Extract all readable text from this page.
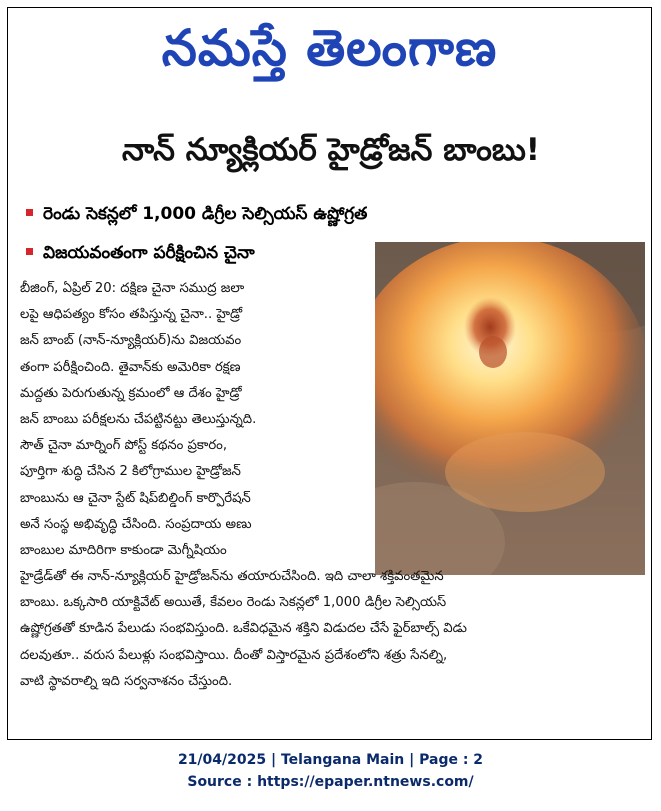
నమస్తే తెలంగాణ
నాన్ న్యూక్లియర్ హైడ్రోజన్ బాంబు!
రెండు సెకన్లలో 1,000 డిగ్రీల సెల్సియస్ ఉష్ణోగ్రత
విజయవంతంగా పరీక్షించిన చైనా
బీజింగ్, ఏప్రిల్ 20: దక్షిణ చైనా సముద్ర జలా
లపై ఆధిపత్యం కోసం తపిస్తున్న చైనా.. హైడ్రో
జన్ బాంబ్ (నాన్-న్యూక్లియర్)ను విజయవం
తంగా పరీక్షించింది. తైవాన్‌కు అమెరికా రక్షణ
మద్దతు పెరుగుతున్న క్రమంలో ఆ దేశం హైడ్రో
జన్ బాంబు పరీక్షలను చేపట్టినట్టు తెలుస్తున్నది.
సౌత్ చైనా మార్నింగ్ పోస్ట్ కథనం ప్రకారం,
పూర్తిగా శుద్ధి చేసిన 2 కిలోగ్రాముల హైడ్రోజన్
బాంబును ఆ చైనా స్టేట్ షిప్‌బిల్డింగ్ కార్పొరేషన్
అనే సంస్థ అభివృద్ధి చేసింది. సంప్రదాయ అణు
బాంబుల మాదిరిగా కాకుండా మెగ్నీషియం
హైడ్రేడ్‌తో ఈ నాన్-న్యూక్లియర్ హైడ్రోజన్‌ను తయారుచేసింది. ఇది చాలా శక్తివంతమైన
బాంబు. ఒక్కసారి యాక్టివేట్ అయితే, కేవలం రెండు సెకన్లలో 1,000 డిగ్రీల సెల్సియస్
ఉష్ణోగ్రతతో కూడిన పేలుడు సంభవిస్తుంది. ఒకేవిధమైన శక్తిని విడుదల చేసే ఫైర్‌బాల్స్ విడు
దలవుతూ.. వరుస పేలుళ్లు సంభవిస్తాయి. దీంతో విస్తారమైన ప్రదేశంలోని శత్రు సేనల్ని,
వాటి స్థావరాల్ని ఇది సర్వనాశనం చేస్తుంది.
21/04/2025 | Telangana Main | Page : 2
Source : https://epaper.ntnews.com/
